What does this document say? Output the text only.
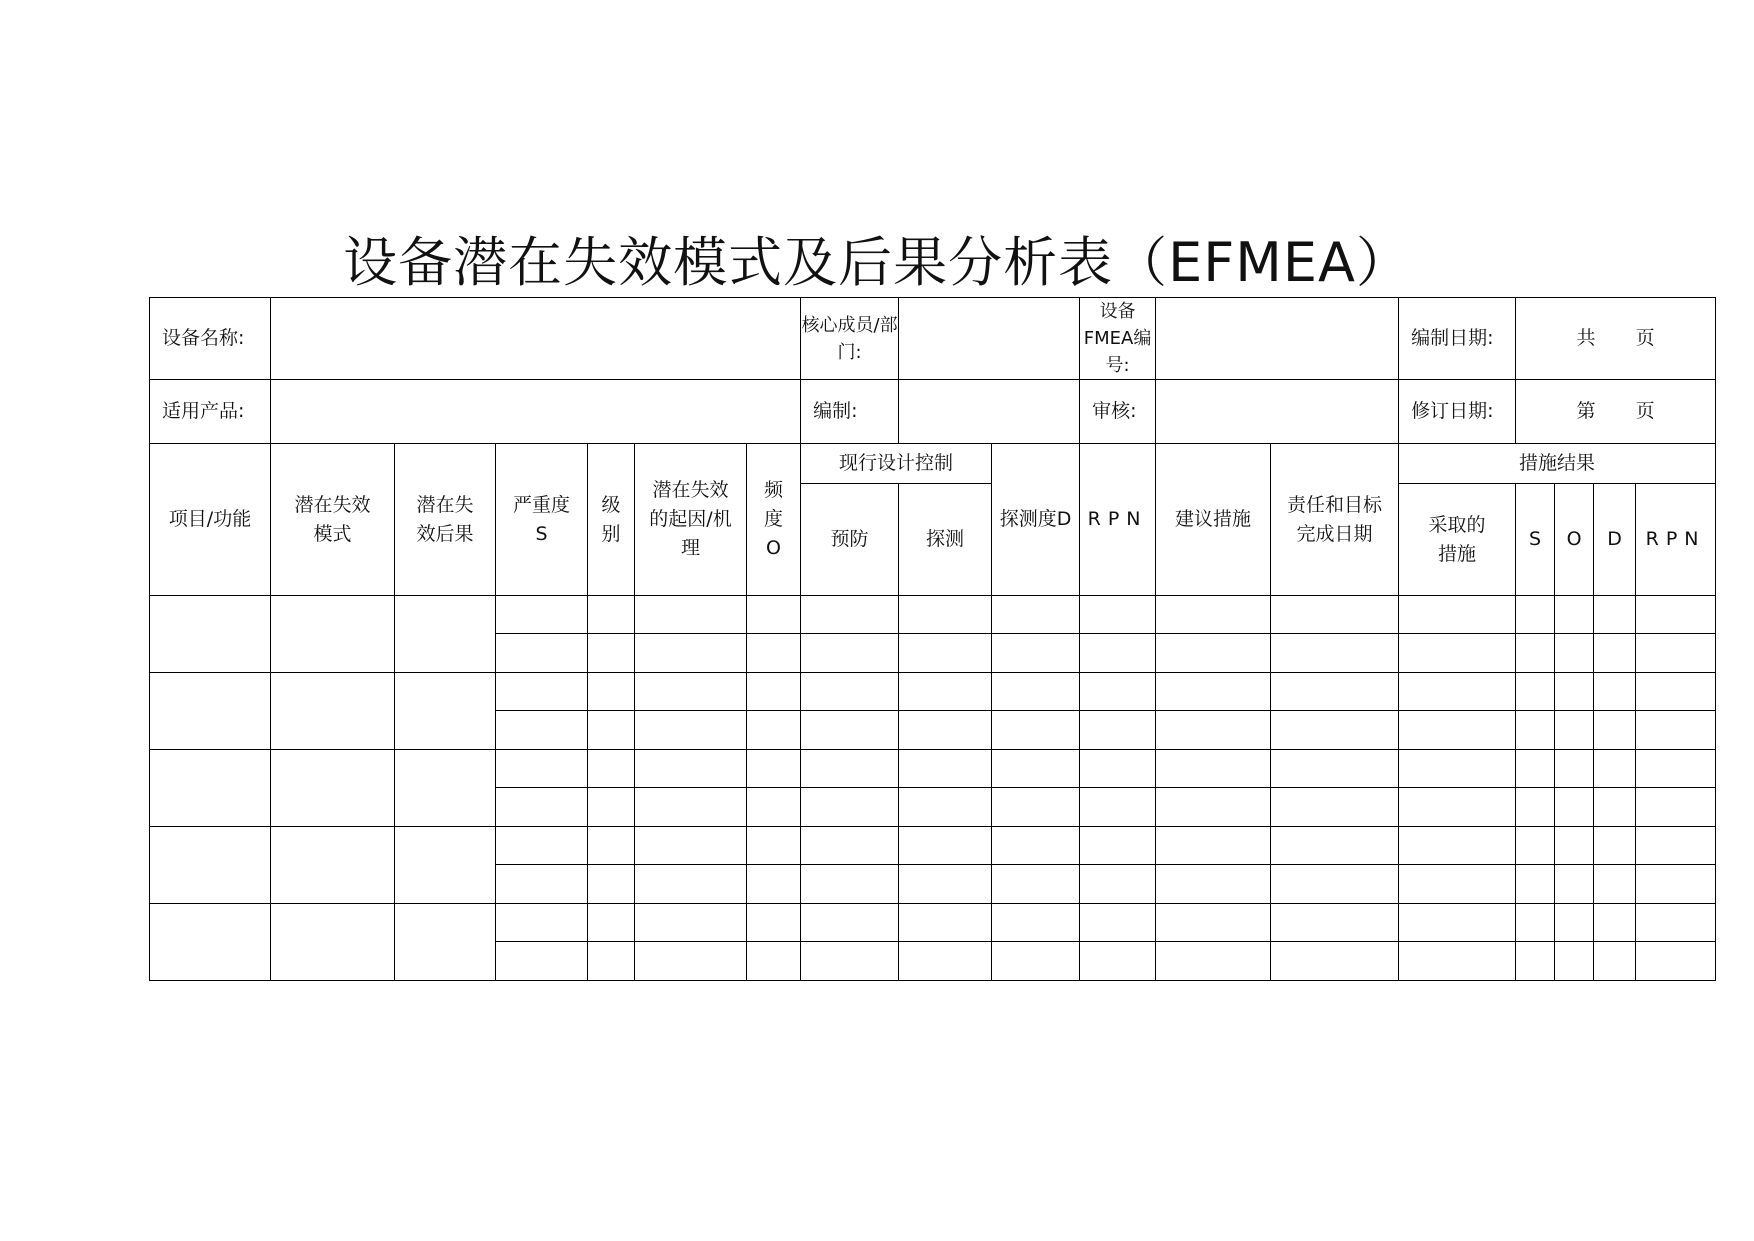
设备潜在失效模式及后果分析表（EFMEA）
设备名称:							核心成员/部门:			设备FMEA编号:			编制日期:	共 页			
适用产品:							编制:			审核:			修订日期:	第 页			
项目/功能	潜在失效模式	潜在失效后果	严重度S	级别	潜在失效的起因/机理	频度O	现行设计控制		探测度D	RPN	建议措施	责任和目标完成日期	措施结果				
							预防	探测					采取的措施	S	O	D	RPN
